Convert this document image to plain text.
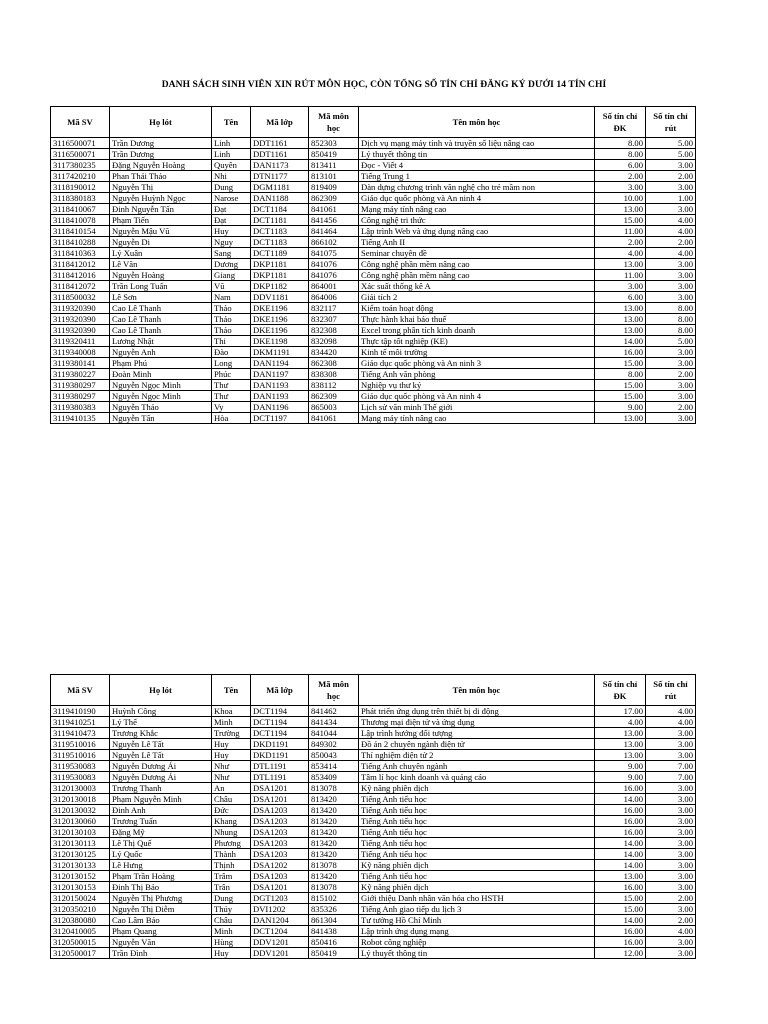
DANH SÁCH SINH VIÊN XIN RÚT MÔN HỌC, CÒN TỔNG SỐ TÍN CHỈ ĐĂNG KÝ DƯỚI 14 TÍN CHỈ
Mã SV	Họ lót	Tên	Mã lớp	Mã môn học	Tên môn học	Số tín chỉ ĐK	Số tín chỉ rút
3116500071	Trần Dương	Linh	DDT1161	852303	Dịch vụ mạng máy tính và truyền số liệu nâng cao	8.00	5.00
3116500071	Trần Dương	Linh	DDT1161	850419	Lý thuyết thông tin	8.00	5.00
3117380235	Đặng Nguyễn Hoàng	Quyên	DAN1173	813411	Đọc - Viết 4	6.00	3.00
3117420210	Phan Thái Thảo	Nhi	DTN1177	813101	Tiếng Trung 1	2.00	2.00
3118190012	Nguyễn Thị	Dung	DGM1181	819409	Dàn dựng chương trình văn nghệ cho trẻ mầm non	3.00	3.00
3118380183	Nguyễn Huỳnh Ngọc	Narose	DAN1188	862309	Giáo dục quốc phòng và An ninh 4	10.00	1.00
3118410067	Đinh Nguyễn Tấn	Đạt	DCT1184	841061	Mạng máy tính nâng cao	13.00	3.00
3118410078	Phạm Tiến	Đạt	DCT1181	841456	Công nghệ tri thức	15.00	4.00
3118410154	Nguyễn Mậu Vũ	Huy	DCT1183	841464	Lập trình Web và ứng dụng nâng cao	11.00	4.00
3118410288	Nguyễn Di	Nguy	DCT1183	866102	Tiếng Anh II	2.00	2.00
3118410363	Lý Xuân	Sang	DCT1189	841075	Seminar chuyên đề	4.00	4.00
3118412012	Lê Văn	Dương	DKP1181	841076	Công nghệ phần mềm nâng cao	13.00	3.00
3118412016	Nguyễn Hoàng	Giang	DKP1181	841076	Công nghệ phần mềm nâng cao	11.00	3.00
3118412072	Trần Long Tuấn	Vũ	DKP1182	864001	Xác suất thống kê A	3.00	3.00
3118500032	Lê Sơn	Nam	DDV1181	864006	Giải tích 2	6.00	3.00
3119320390	Cao Lê Thanh	Thảo	DKE1196	832117	Kiểm toán hoạt động	13.00	8.00
3119320390	Cao Lê Thanh	Thảo	DKE1196	832307	Thực hành khai báo thuế	13.00	8.00
3119320390	Cao Lê Thanh	Thảo	DKE1196	832308	Excel trong phân tích kinh doanh	13.00	8.00
3119320411	Lương Nhật	Thi	DKE1198	832098	Thực tập tốt nghiệp (KE)	14.00	5.00
3119340008	Nguyễn Anh	Đào	DKM1191	834420	Kinh tế môi trường	16.00	3.00
3119380141	Phạm Phú	Long	DAN1194	862308	Giáo dục quốc phòng và An ninh 3	15.00	3.00
3119380227	Đoàn Minh	Phúc	DAN1197	838308	Tiếng Anh văn phòng	8.00	2.00
3119380297	Nguyễn Ngọc Minh	Thư	DAN1193	838112	Nghiệp vụ thư ký	15.00	3.00
3119380297	Nguyễn Ngọc Minh	Thư	DAN1193	862309	Giáo dục quốc phòng và An ninh 4	15.00	3.00
3119380383	Nguyễn Thảo	Vy	DAN1196	865003	Lịch sử văn minh Thế giới	9.00	2.00
3119410135	Nguyễn Tấn	Hòa	DCT1197	841061	Mạng máy tính nâng cao	13.00	3.00
Mã SV	Họ lót	Tên	Mã lớp	Mã môn học	Tên môn học	Số tín chỉ ĐK	Số tín chỉ rút
3119410190	Huỳnh Công	Khoa	DCT1194	841462	Phát triển ứng dụng trên thiết bị di động	17.00	4.00
3119410251	Lý Thế	Minh	DCT1194	841434	Thương mại điện tử và ứng dụng	4.00	4.00
3119410473	Trương Khắc	Trường	DCT1194	841044	Lập trình hướng đối tượng	13.00	3.00
3119510016	Nguyễn Lê Tất	Huy	DKD1191	849302	Đồ án 2 chuyên ngành điện tử	13.00	3.00
3119510016	Nguyễn Lê Tất	Huy	DKD1191	850043	Thí nghiệm điện tử 2	13.00	3.00
3119530083	Nguyễn Dương Ái	Như	DTL1191	853414	Tiếng Anh chuyên ngành	9.00	7.00
3119530083	Nguyễn Dương Ái	Như	DTL1191	853409	Tâm lí học kinh doanh và quảng cáo	9.00	7.00
3120130003	Trương Thanh	An	DSA1201	813078	Kỹ năng phiên dịch	16.00	3.00
3120130018	Phạm Nguyễn Minh	Châu	DSA1201	813420	Tiếng Anh tiểu học	14.00	3.00
3120130032	Đinh Anh	Đức	DSA1203	813420	Tiếng Anh tiểu học	16.00	3.00
3120130060	Trương Tuấn	Khang	DSA1203	813420	Tiếng Anh tiểu học	16.00	3.00
3120130103	Đặng Mỹ	Nhung	DSA1203	813420	Tiếng Anh tiểu học	16.00	3.00
3120130113	Lê Thị Quế	Phương	DSA1203	813420	Tiếng Anh tiểu học	14.00	3.00
3120130125	Lý Quốc	Thành	DSA1203	813420	Tiếng Anh tiểu học	14.00	3.00
3120130133	Lê Hưng	Thịnh	DSA1202	813078	Kỹ năng phiên dịch	14.00	3.00
3120130152	Phạm Trần Hoàng	Trâm	DSA1203	813420	Tiếng Anh tiểu học	13.00	3.00
3120130153	Đinh Thị Bảo	Trân	DSA1201	813078	Kỹ năng phiên dịch	16.00	3.00
3120150024	Nguyễn Thị Phương	Dung	DGT1203	815102	Giới thiệu Danh nhân văn hóa cho HSTH	15.00	2.00
3120350210	Nguyễn Thị Diễm	Thúy	DVI1202	835326	Tiếng Anh giao tiếp du lịch 3	15.00	3.00
3120380080	Cao Lâm Bảo	Châu	DAN1204	861304	Tư tưởng Hồ Chí Minh	14.00	2.00
3120410005	Phạm Quang	Minh	DCT1204	841438	Lập trình ứng dụng mạng	16.00	4.00
3120500015	Nguyễn Văn	Hùng	DDV1201	850416	Robot công nghiệp	16.00	3.00
3120500017	Trần Đình	Huy	DDV1201	850419	Lý thuyết thông tin	12.00	3.00
